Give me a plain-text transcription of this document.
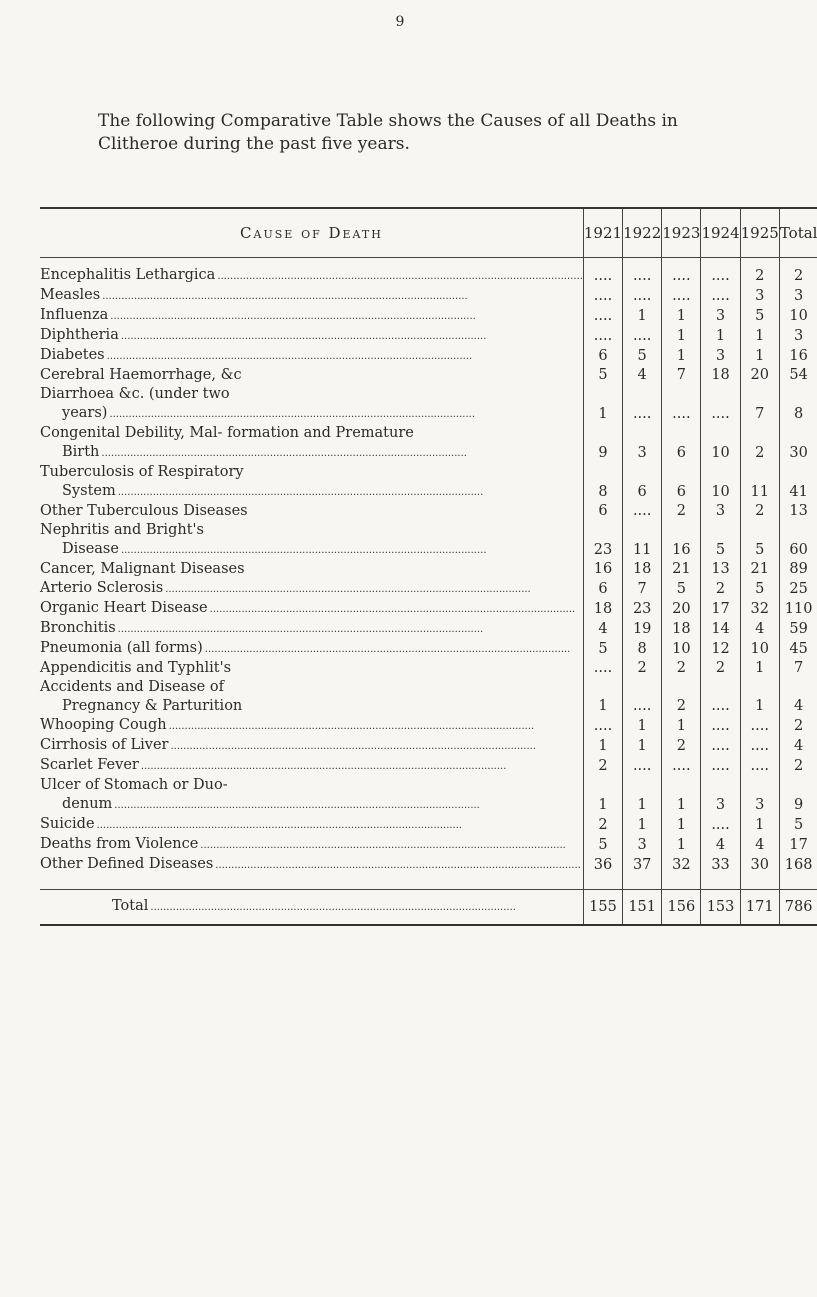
9
The following Comparative Table shows the Causes of all Deaths in Clitheroe during the past five years.
Cause of Death	1921	1922	1923	1924	1925	Total

Encephalitis Lethargica
.....	....	....	....	....	2	2

Measles
.....	....	....	....	....	3	3

Influenza
.....	....	1	1	3	5	10

Diphtheria
.....	....	....	1	1	1	3

Diabetes
.....	6	5	1	3	1	16

Cerebral Haemorrhage, &c	5	4	7	18	20	54

Diarrhoea &c. (under two
years)
.....	1	....	....	....	7	8

Congenital Debility, Mal- formation and Premature
Birth
.....	9	3	6	10	2	30

Tuberculosis of Respiratory
System
.....	8	6	6	10	11	41

Other Tuberculous Diseases	6	....	2	3	2	13

Nephritis and Bright's
Disease
.....	23	11	16	5	5	60

Cancer, Malignant Diseases	16	18	21	13	21	89

Arterio Sclerosis
.....	6	7	5	2	5	25

Organic Heart Disease
.....	18	23	20	17	32	110

Bronchitis
.....	4	19	18	14	4	59

Pneumonia (all forms)
.....	5	8	10	12	10	45

Appendicitis and Typhlit's	....	2	2	2	1	7

Accidents and Disease of
Pregnancy & Parturition	1	....	2	....	1	4

Whooping Cough
.....	....	1	1	....	....	2

Cirrhosis of Liver
.....	1	1	2	....	....	4

Scarlet Fever
.....	2	....	....	....	....	2

Ulcer of Stomach or Duo-
denum
.....	1	1	1	3	3	9

Suicide
.....	2	1	1	....	1	5

Deaths from Violence
.....	5	3	1	4	4	17

Other Defined Diseases
.....	36	37	32	33	30	168

Total
.....	155	151	156	153	171	786
